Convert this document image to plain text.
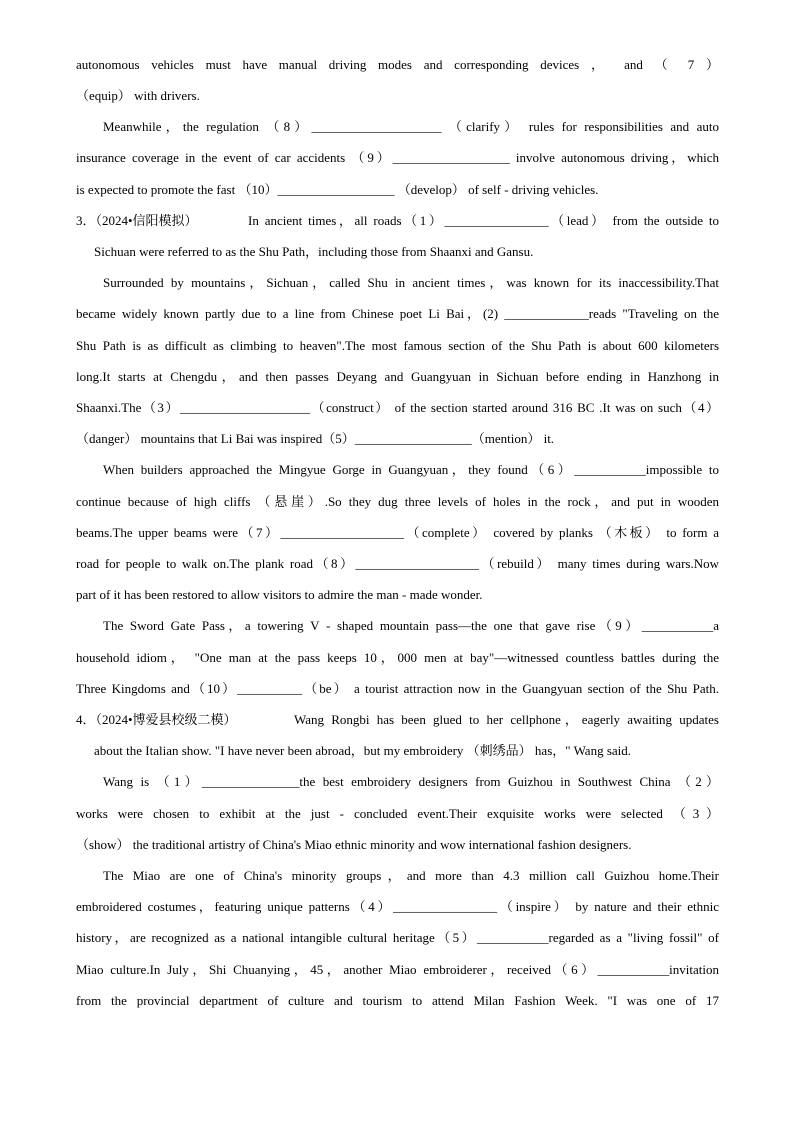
autonomous vehicles must have manual driving modes and corresponding devices ， and （ 7 ）
（equip） with drivers.
Meanwhile，the regulation （8）____________________ （clarify） rules for responsibilities and auto
insurance coverage in the event of car accidents （9）__________________ involve autonomous driving，which
is expected to promote the fast （10）__________________ （develop） of self - driving vehicles.
3．（2024•信阳模拟）	In ancient times，all roads（1）________________（lead） from the outside to
Sichuan were referred to as the Shu Path，including those from Shaanxi and Gansu.
Surrounded by mountains，Sichuan，called Shu in ancient times，was known for its inaccessibility.That
became widely known partly due to a line from Chinese poet Li Bai，(2) _____________reads "Traveling on the
Shu Path is as difficult as climbing to heaven".The most famous section of the Shu Path is about 600 kilometers
long.It starts at Chengdu，and then passes Deyang and Guangyuan in Sichuan before ending in Hanzhong in
Shaanxi.The（3）____________________（construct） of the section started around 316 BC .It was on such（4）
（danger） mountains that Li Bai was inspired（5）__________________（mention） it.
When builders approached the Mingyue Gorge in Guangyuan，they found（6）___________impossible to
continue because of high cliffs （悬崖）.So they dug three levels of holes in the rock，and put in wooden
beams.The upper beams were（7）___________________（complete） covered by planks （木板） to form a
road for people to walk on.The plank road（8）___________________（rebuild） many times during wars.Now
part of it has been restored to allow visitors to admire the man - made wonder.
The Sword Gate Pass，a towering V - shaped mountain pass—the one that gave rise（9）___________a
household idiom， "One man at the pass keeps 10，000 men at bay"—witnessed countless battles during the
Three Kingdoms and（10）__________（be） a tourist attraction now in the Guangyuan section of the Shu Path.
4．（2024•博爱县校级二模）	Wang Rongbi has been glued to her cellphone，eagerly awaiting updates
about the Italian show. "I have never been abroad，but my embroidery （刺绣品） has，" Wang said.
Wang is （1）_______________the best embroidery designers from Guizhou in Southwest China （2）
works were chosen to exhibit at the just - concluded event.Their exquisite works were selected （3）
（show） the traditional artistry of China's Miao ethnic minority and wow international fashion designers.
The Miao are one of China's minority groups，and more than 4.3 million call Guizhou home.Their
embroidered costumes，featuring unique patterns（4）________________（inspire） by nature and their ethnic
history，are recognized as a national intangible cultural heritage（5）___________regarded as a "living fossil" of
Miao culture.In July，Shi Chuanying，45，another Miao embroiderer，received（6）___________invitation
from the provincial department of culture and tourism to attend Milan Fashion Week. "I was one of 17
